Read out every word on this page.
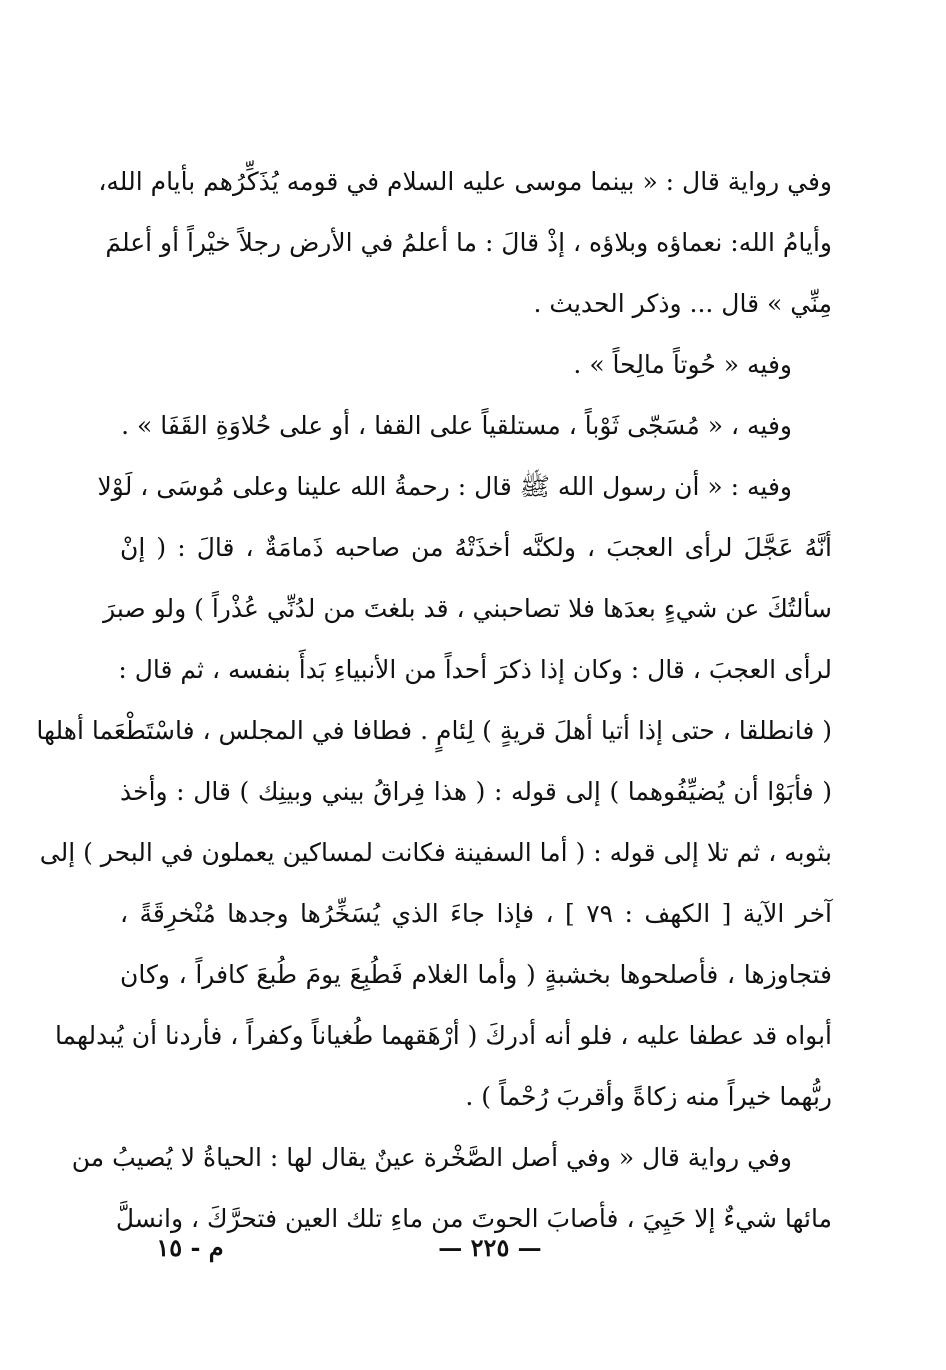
وفي رواية قال : « بينما موسى عليه السلام في قومه يُذَكِّرُهم بأيام الله،
وأيامُ الله: نعماؤه وبلاؤه ، إذْ قالَ : ما أعلمُ في الأرض رجلاً خيْراً أو أعلمَ
مِنِّي » قال ... وذكر الحديث .
وفيه « حُوتاً مالِحاً » .
وفيه ، « مُسَجّى ثَوْباً ، مستلقياً على القفا ، أو على حُلاوَةِ القَفَا » .
وفيه : « أن رسول الله ﷺ قال : رحمةُ الله علينا وعلى مُوسَى ، لَوْلا
أنَّهُ عَجَّلَ لرأى العجبَ ، ولكنَّه أخذَتْهُ من صاحبه ذَمامَةٌ ، قالَ : ( إنْ
سألتُكَ عن شيءٍ بعدَها فلا تصاحبني ، قد بلغتَ من لدُنِّي عُذْراً ) ولو صبرَ
لرأى العجبَ ، قال : وكان إذا ذكرَ أحداً من الأنبياءِ بَدأَ بنفسه ، ثم قال :
( فانطلقا ، حتى إذا أتيا أهلَ قريةٍ ) لِئامٍ . فطافا في المجلس ، فاسْتَطْعَما أهلها
( فأبَوْا أن يُضيِّفُوهما ) إلى قوله : ( هذا فِراقُ بيني وبينِك ) قال : وأخذ
بثوبه ، ثم تلا إلى قوله : ( أما السفينة فكانت لمساكين يعملون في البحر ) إلى
آخر الآية [ الكهف : ٧٩ ] ، فإذا جاءَ الذي يُسَخِّرُها وجدها مُنْخرِقَةً ،
فتجاوزها ، فأصلحوها بخشبةٍ ( وأما الغلام فَطُبِعَ يومَ طُبعَ كافراً ، وكان
أبواه قد عطفا عليه ، فلو أنه أدركَ ( أرْهَقهما طُغياناً وكفراً ، فأردنا أن يُبدلهما
ربُّهما خيراً منه زكاةً وأقربَ رُحْماً ) .
وفي رواية قال « وفي أصل الصَّخْرة عينٌ يقال لها : الحياةُ لا يُصيبُ من
مائها شيءٌ إلا حَيِيَ ، فأصابَ الحوتَ من ماءِ تلك العين فتحرَّكَ ، وانسلَّ
م - ١٥	— ٢٢٥ —
